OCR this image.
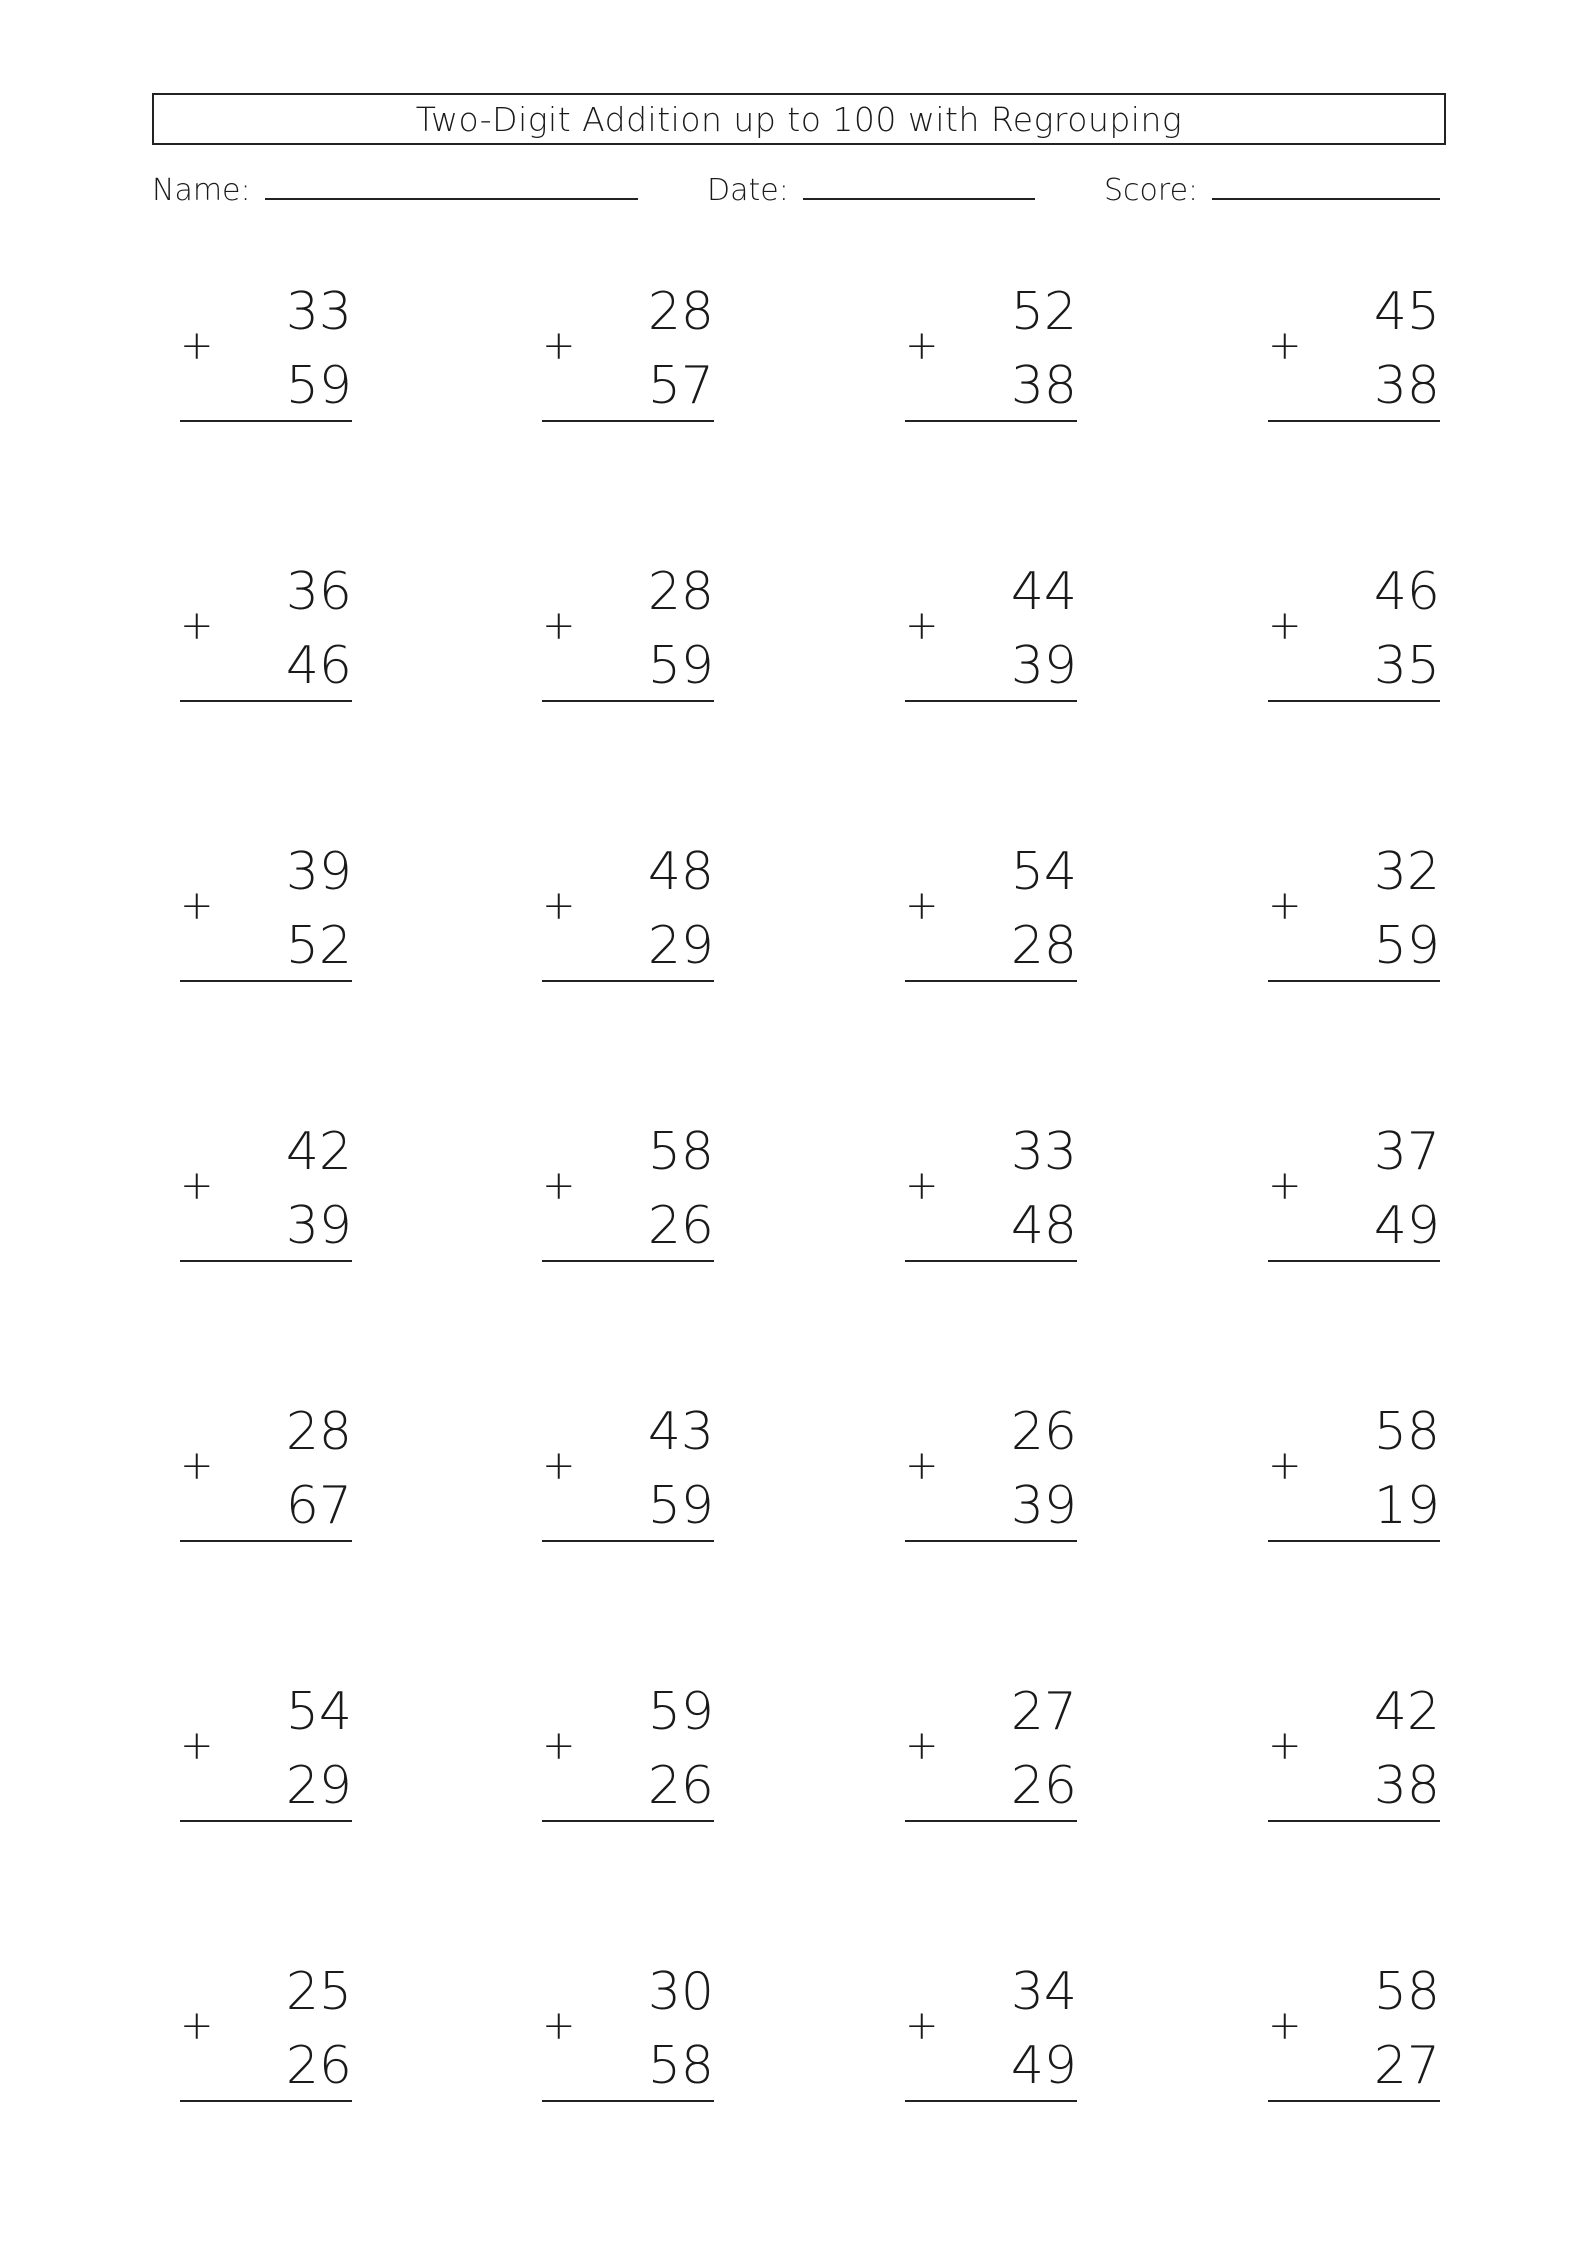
Two-Digit Addition up to 100 with Regrouping
Name:	Date:	Score:
33
+
59
28
+
57
52
+
38
45
+
38
36
+
46
28
+
59
44
+
39
46
+
35
39
+
52
48
+
29
54
+
28
32
+
59
42
+
39
58
+
26
33
+
48
37
+
49
28
+
67
43
+
59
26
+
39
58
+
19
54
+
29
59
+
26
27
+
26
42
+
38
25
+
26
30
+
58
34
+
49
58
+
27
